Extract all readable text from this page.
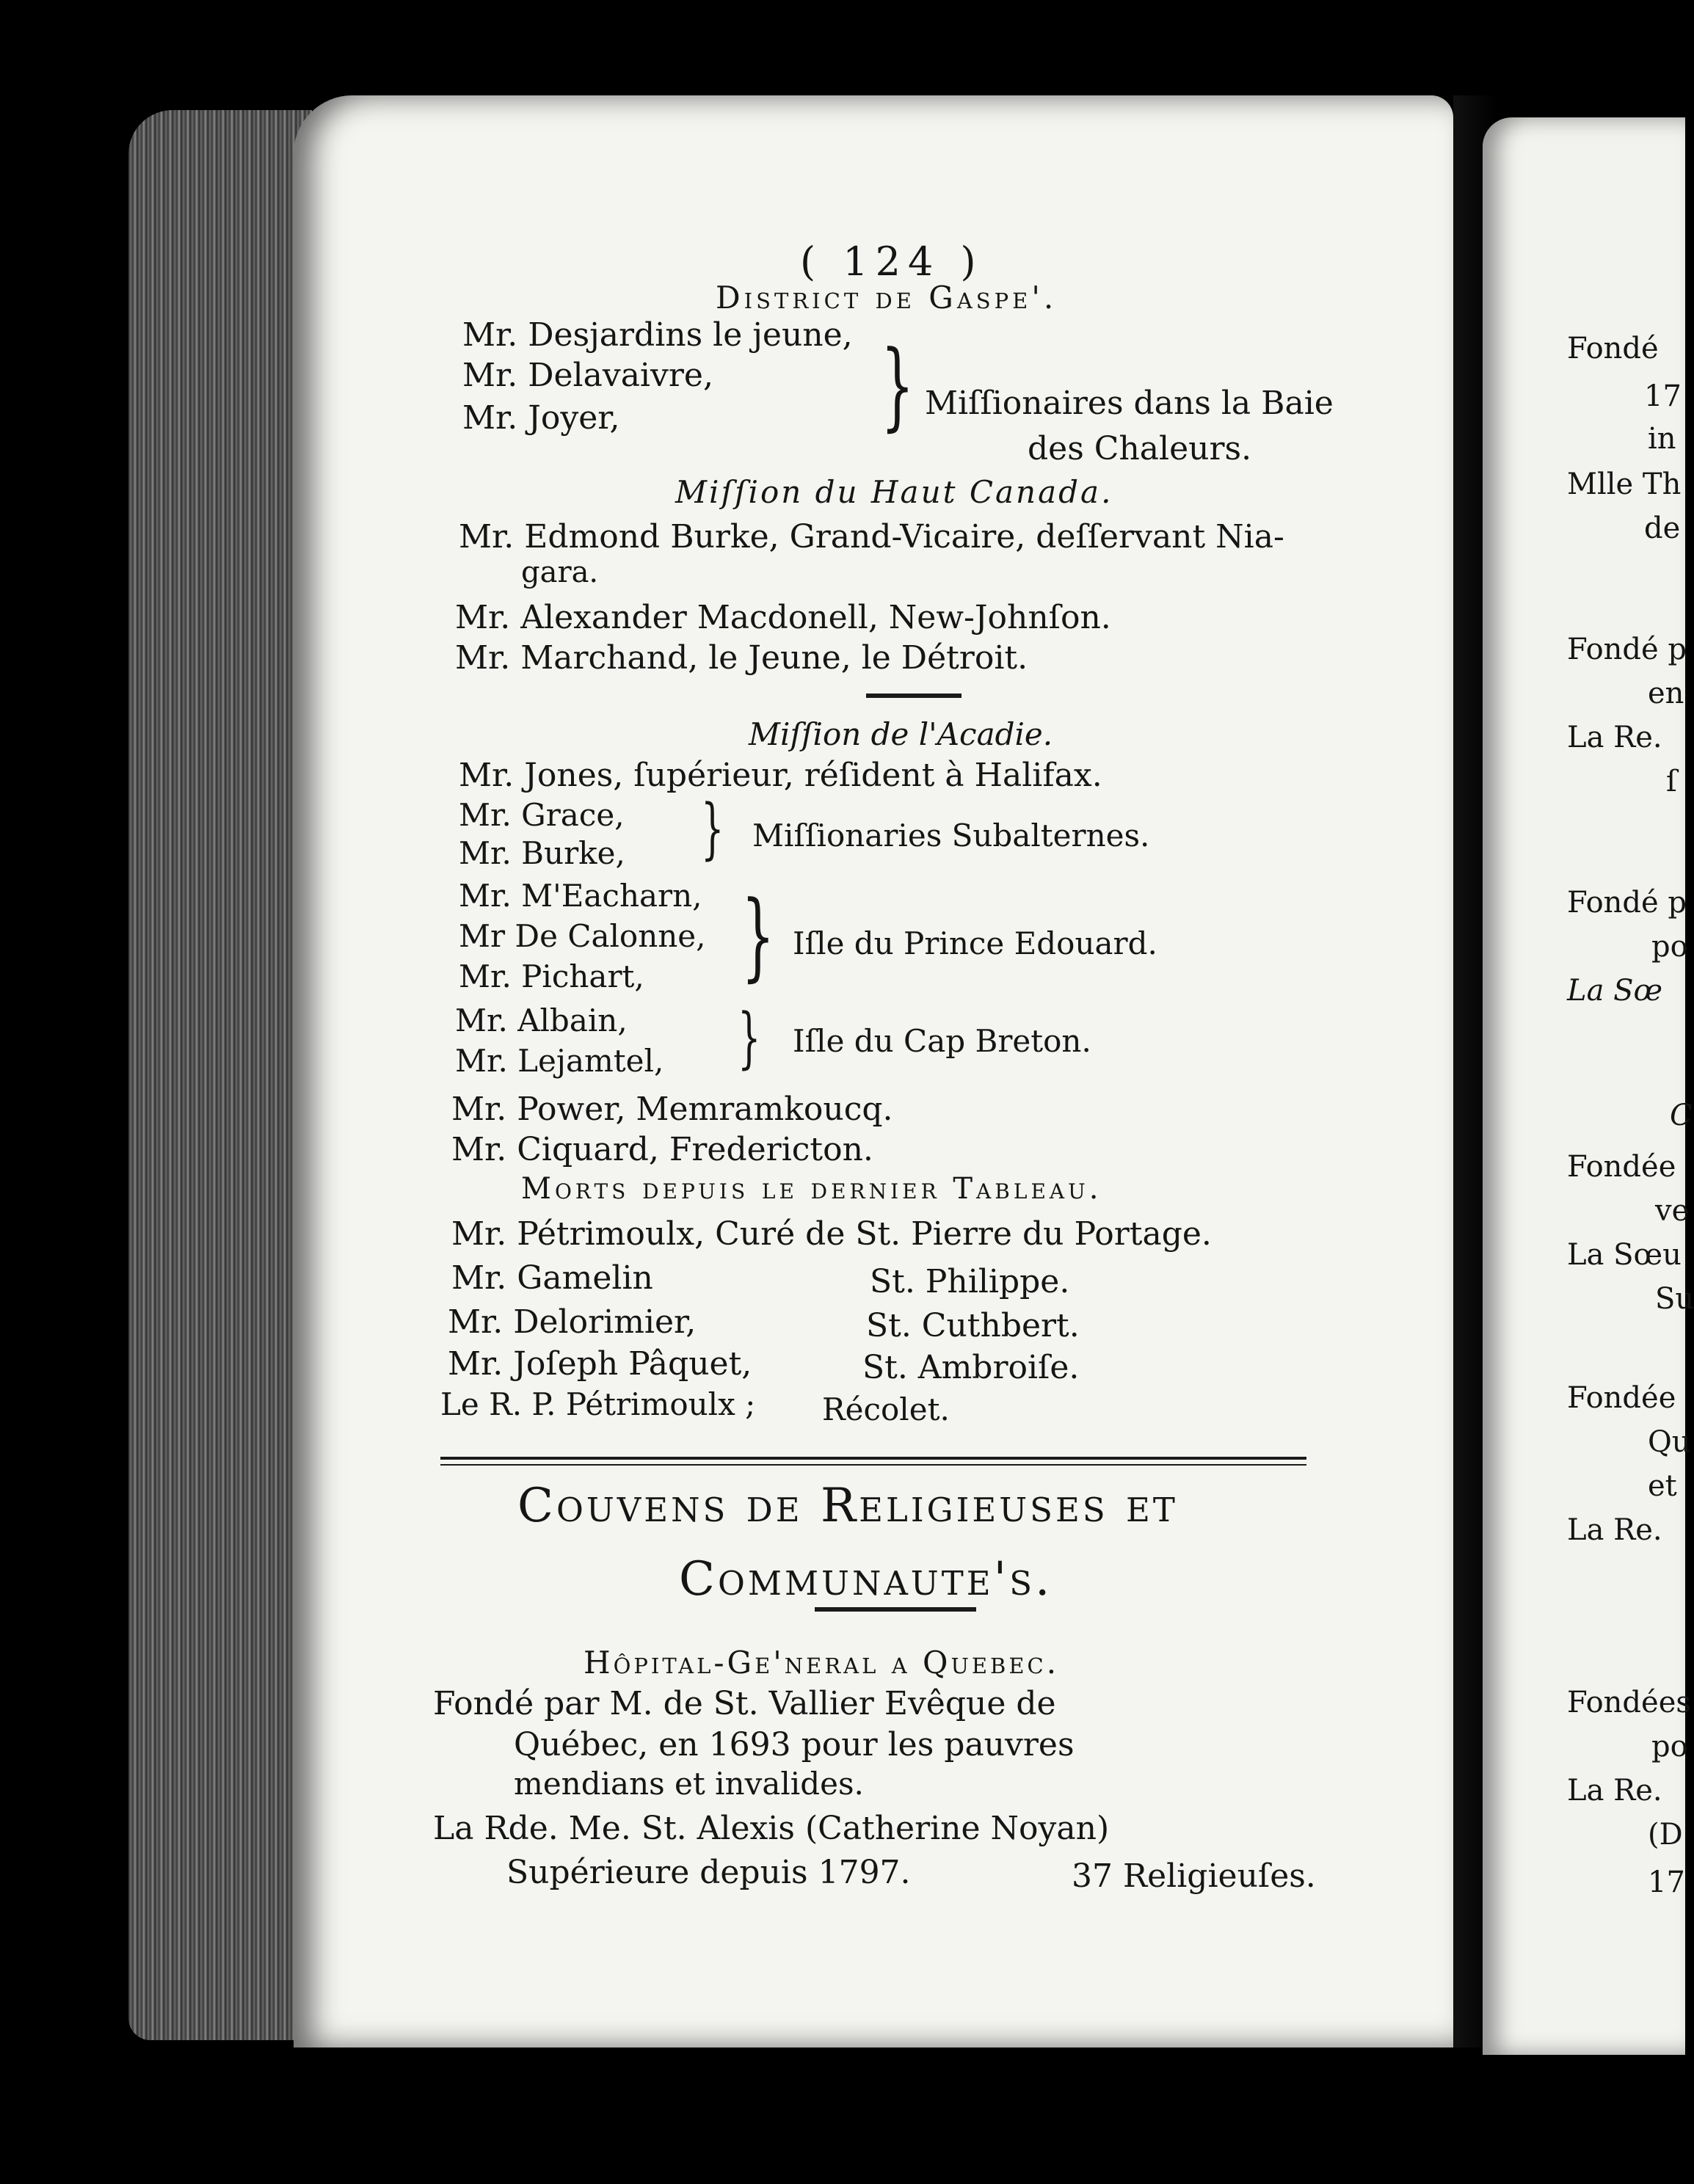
( 124 )
District de Gaspe'.
Mr. Desjardins le jeune,
Mr. Delavaivre,
Mr. Joyer,	} Miſſionaires dans la Baie
des Chaleurs.
Miſſion du Haut Canada.
Mr. Edmond Burke, Grand-Vicaire, deſſervant Nia-
gara.
Mr. Alexander Macdonell, New-Johnſon.
Mr. Marchand, le Jeune, le Détroit.
Miſſion de l'Acadie.
Mr. Jones, ſupérieur, réſident à Halifax.
Mr. Grace,
Mr. Burke, } Miſſionaries Subalternes.
Mr. M'Eacharn,
Mr De Calonne,
Mr. Pichart, } Iſle du Prince Edouard.
Mr. Albain,
Mr. Lejamtel, } Iſle du Cap Breton.
Mr. Power, Memramkoucq.
Mr. Ciquard, Fredericton.
Morts depuis le dernier Tableau.
Mr. Pétrimoulx, Curé de St. Pierre du Portage.
Mr. Gamelin	St. Philippe.
Mr. Delorimier,	St. Cuthbert.
Mr. Joſeph Pâquet,	St. Ambroiſe.
Le R. P. Pétrimoulx ; Récolet.
Couvens de Religieuses et
Communaute's.
Hôpital-Ge'neral a Quebec.
Fondé par M. de St. Vallier Evêque de
Québec, en 1693 pour les pauvres
mendians et invalides.
La Rde. Me. St. Alexis (Catherine Noyan)
Supérieure depuis 1797.	37 Religieuſes.
Fondé
17
in
Mlle Th
de
Fondé p
en
La Re.
ſ
Fondé p
po
La Sœ
C
Fondée
ve
La Sœu
Su
Fondée
Qu
et
La Re.
Fondées
po
La Re.
(D
17
